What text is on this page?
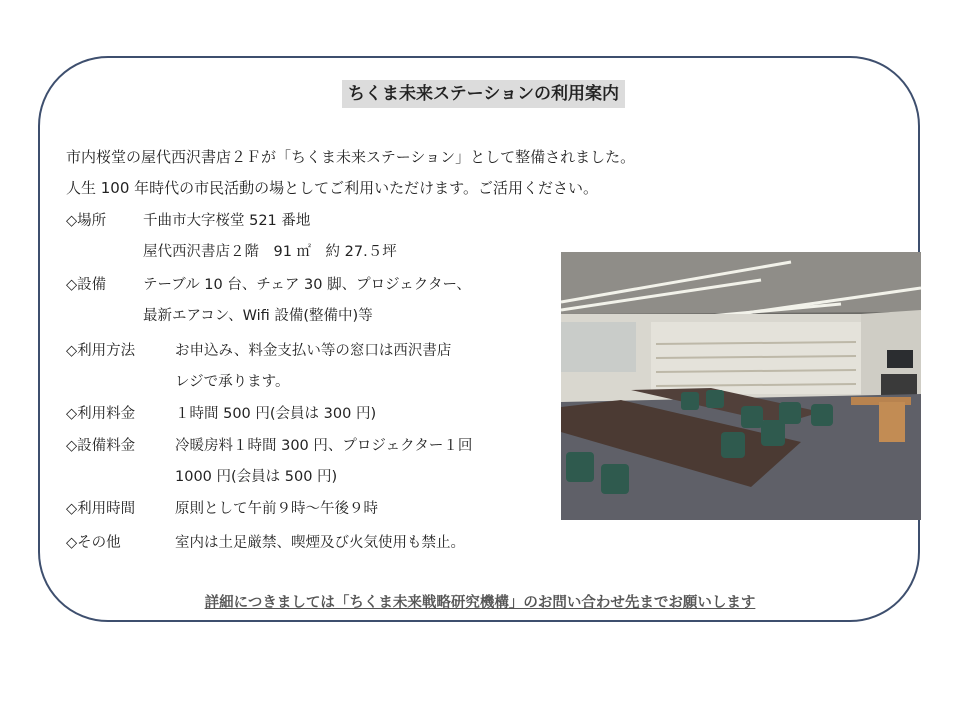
ちくま未来ステーションの利用案内
市内桜堂の屋代西沢書店２Ｆが「ちくま未来ステーション」として整備されました。
人生 100 年時代の市民活動の場としてご利用いただけます。ご活用ください。
◇場所	千曲市大字桜堂 521 番地
屋代西沢書店２階　91 ㎡　約 27.５坪
◇設備	テーブル 10 台、チェア 30 脚、プロジェクター、
最新エアコン、Wifi 設備(整備中)等
◇利用方法	お申込み、料金支払い等の窓口は西沢書店
レジで承ります。
◇利用料金	１時間 500 円(会員は 300 円)
◇設備料金	冷暖房料１時間 300 円、プロジェクター１回
1000 円(会員は 500 円)
◇利用時間	原則として午前９時～午後９時
◇その他	室内は土足厳禁、喫煙及び火気使用も禁止。
詳細につきましては「ちくま未来戦略研究機構」のお問い合わせ先までお願いします
